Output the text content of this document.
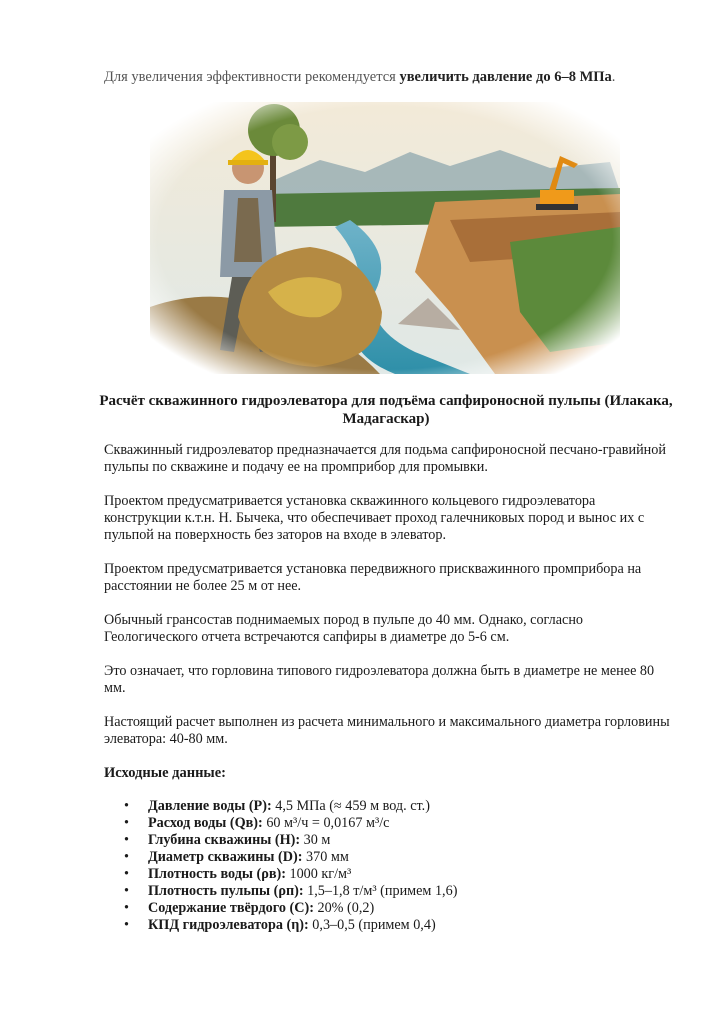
Для увеличения эффективности рекомендуется увеличить давление до 6–8 МПа.

Расчёт скважинного гидроэлеватора для подъёма сапфироносной пульпы (Илакака, Мадагаскар)

Скважинный гидроэлеватор предназначается для подьма сапфироносной песчано-гравийной пульпы по скважине и подачу ее на промприбор для промывки.

Проектом предусматривается установка скважинного кольцевого гидроэлеватора конструкции к.т.н. Н. Бычека, что обеспечивает проход галечниковых пород и вынос их с пульпой на поверхность без заторов на входе в элеватор.

Проектом предусматривается установка передвижного прискважинного промприбора на расстоянии не более 25 м от нее.

Обычный грансостав поднимаемых пород в пульпе до 40 мм. Однако, согласно Геологического отчета встречаются сапфиры в диаметре до 5-6 см.

Это означает, что горловина типового гидроэлеватора должна быть в диаметре не менее 80 мм.

Настоящий расчет выполнен из расчета минимального и максимального диаметра горловины элеватора: 40-80 мм.

Исходные данные:

• Давление воды (P): 4,5 МПа (≈ 459 м вод. ст.)
• Расход воды (Qв): 60 м³/ч = 0,0167 м³/с
• Глубина скважины (H): 30 м
• Диаметр скважины (D): 370 мм
• Плотность воды (ρв): 1000 кг/м³
• Плотность пульпы (ρп): 1,5–1,8 т/м³ (примем 1,6)
• Содержание твёрдого (C): 20% (0,2)
• КПД гидроэлеватора (η): 0,3–0,5 (примем 0,4)
